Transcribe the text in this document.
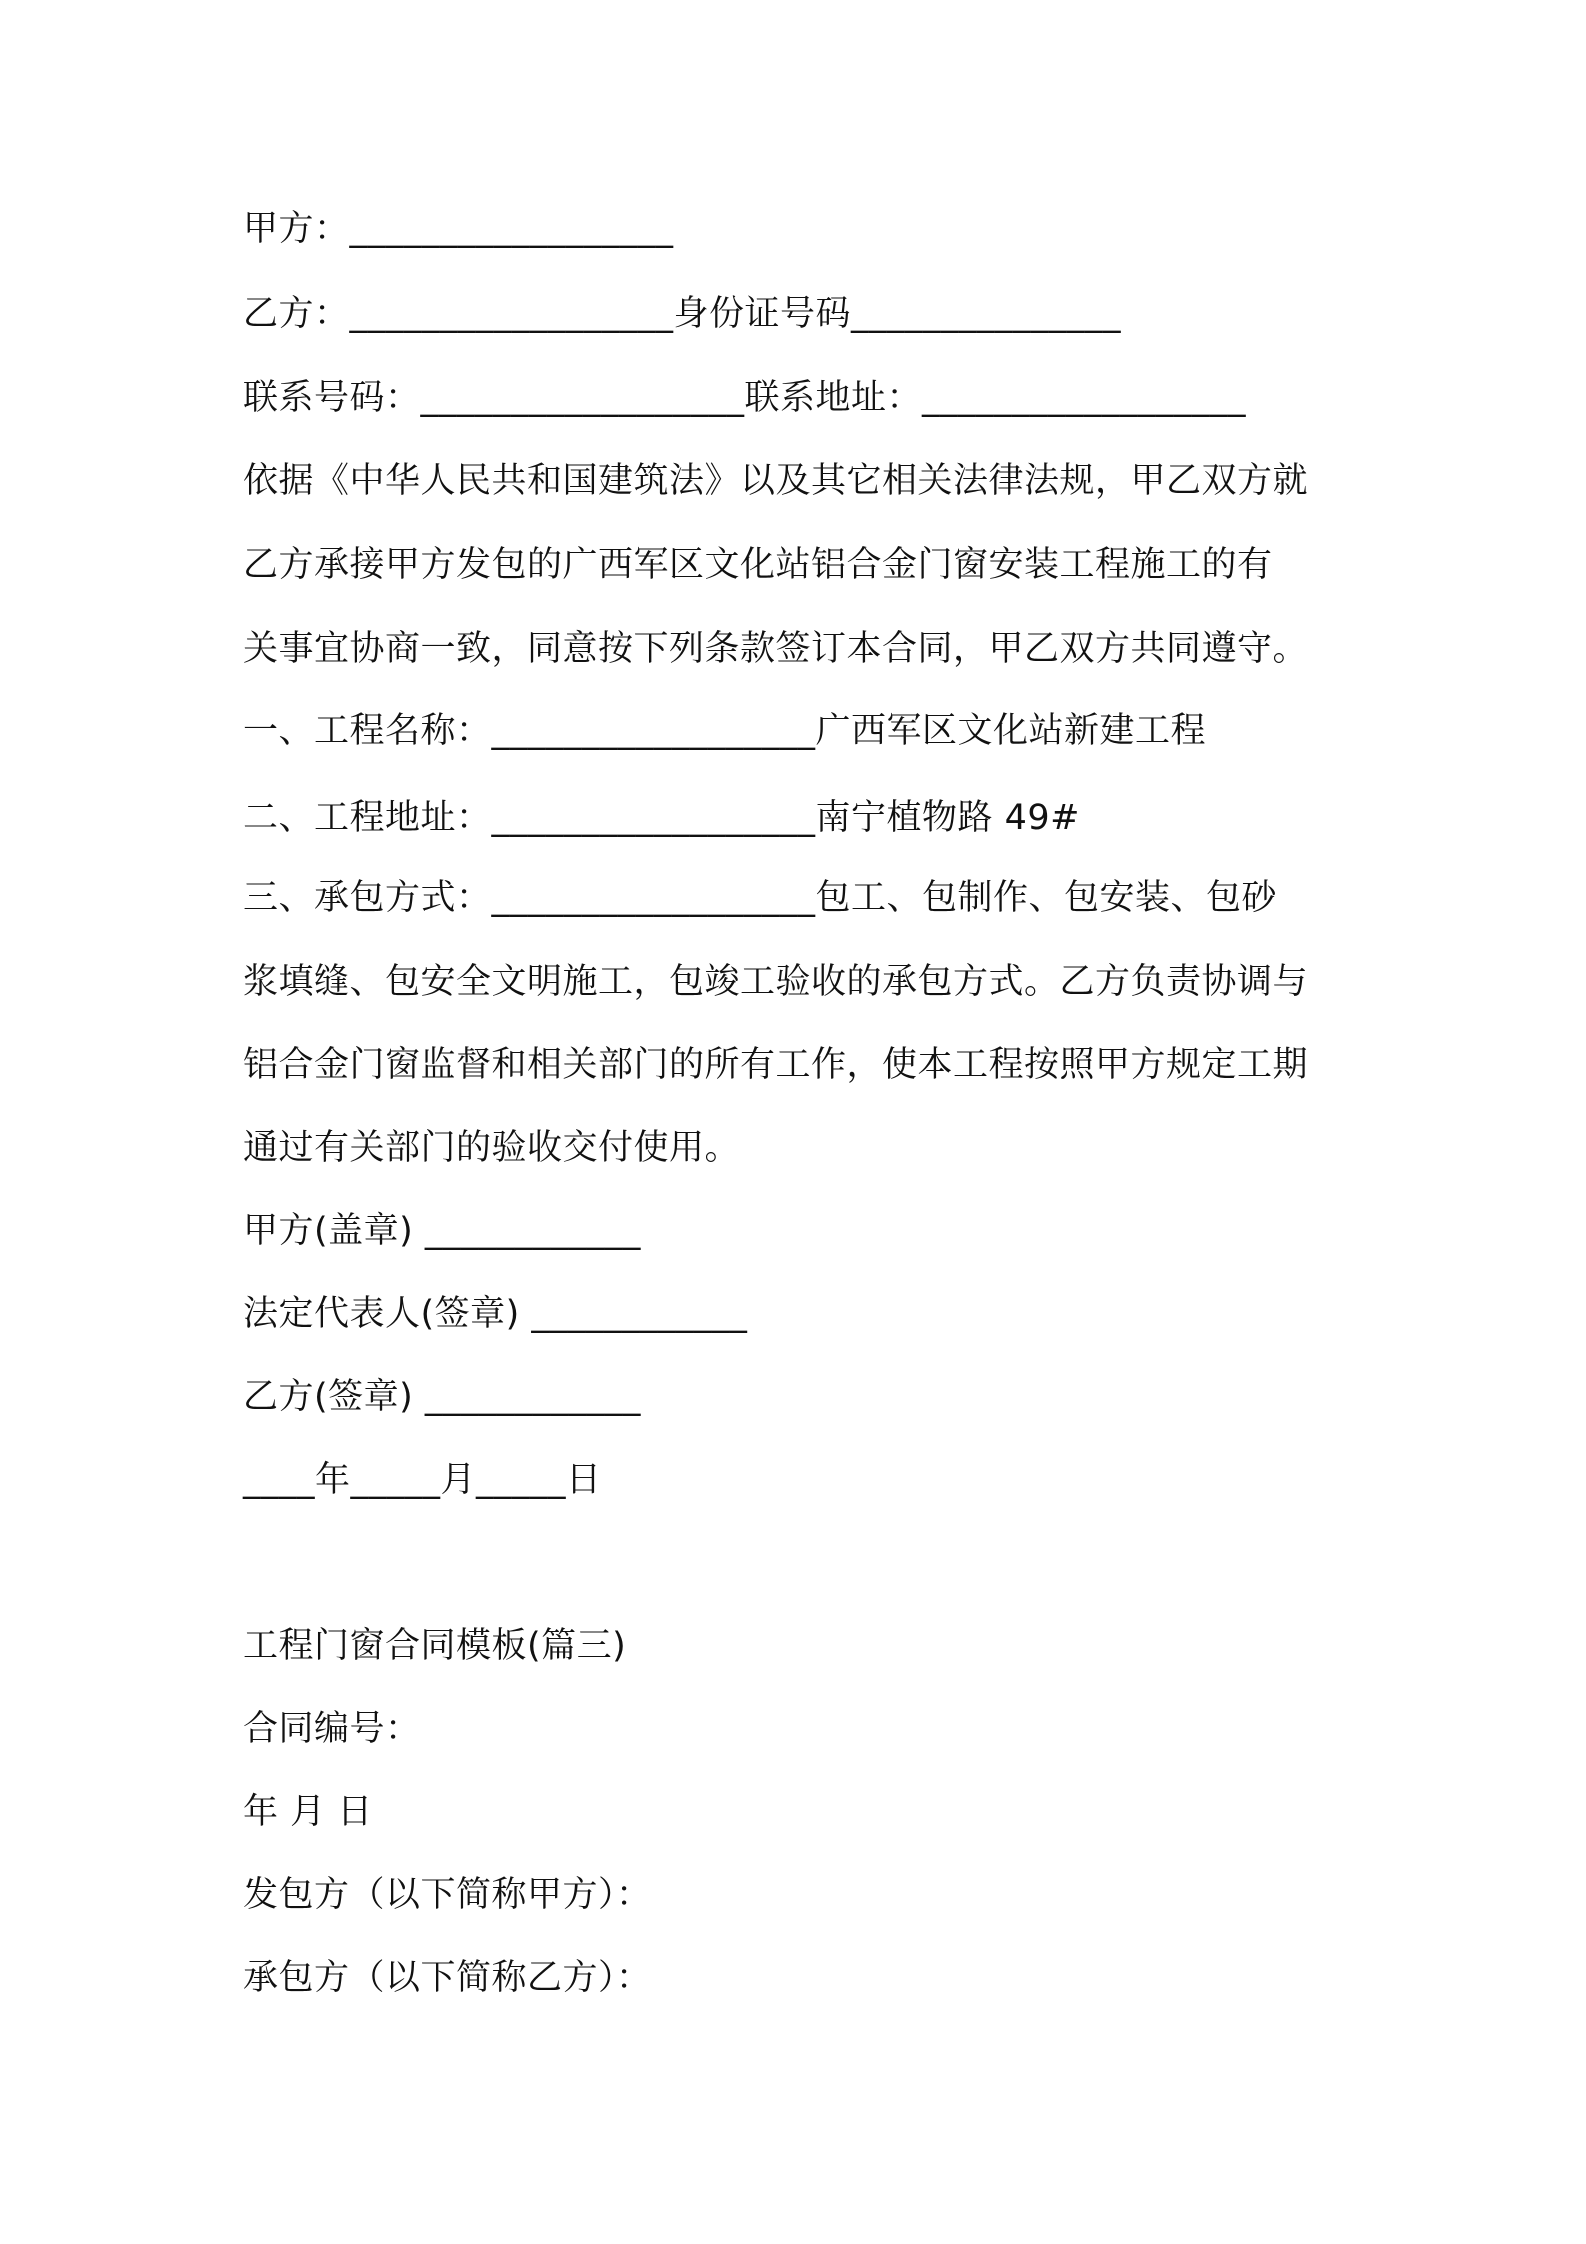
甲方：__________________
乙方：__________________身份证号码_______________
联系号码：__________________联系地址：__________________
依据《中华人民共和国建筑法》以及其它相关法律法规，甲乙双方就
乙方承接甲方发包的广西军区文化站铝合金门窗安装工程施工的有
关事宜协商一致，同意按下列条款签订本合同，甲乙双方共同遵守。
一、工程名称：__________________广西军区文化站新建工程
二、工程地址：__________________南宁植物路 49#
三、承包方式：__________________包工、包制作、包安装、包砂
浆填缝、包安全文明施工，包竣工验收的承包方式。乙方负责协调与
铝合金门窗监督和相关部门的所有工作，使本工程按照甲方规定工期
通过有关部门的验收交付使用。
甲方(盖章) ____________
法定代表人(签章) ____________
乙方(签章) ____________
____年_____月_____日
工程门窗合同模板(篇三)
合同编号：
年 月 日
发包方（以下简称甲方）：
承包方（以下简称乙方）：
